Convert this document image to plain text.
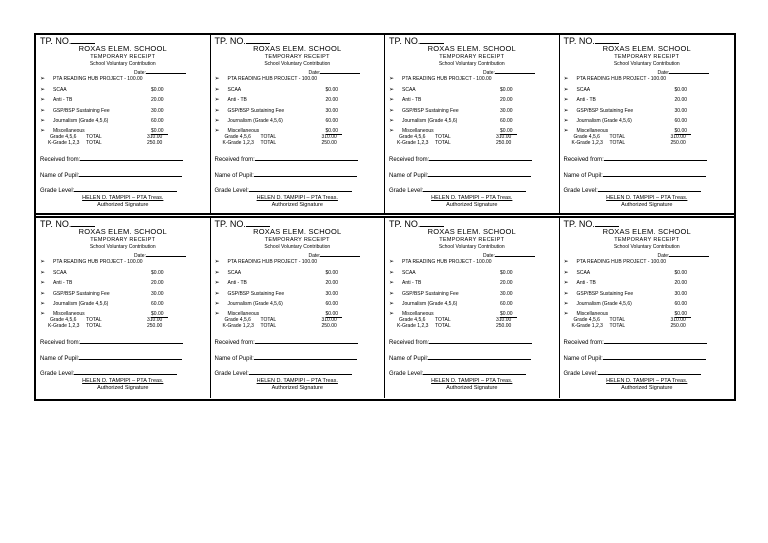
TP. NO.
ROXAS ELEM. SCHOOL
TEMPORARY RECEIPT
School Voluntary Contribution
Date:
➢ PTA READING HUB PROJECT - 100.00
➢ SCAA	$0.00
➢ Anti - TB	20.00
➢ GSP/BSP Sustaining Fee	30.00
➢ Journalism (Grade 4,5,6)	60.00
➢ Miscellaneous	$0.00
Grade 4,5,6 TOTAL	310.00
K-Grade 1,2,3 TOTAL	250.00
Received from:
Name of Pupil:
Grade Level:
HELEN D. TAMPIPI – PTA Treas.
Authorized Signature
TP. NO.
ROXAS ELEM. SCHOOL
TEMPORARY RECEIPT
School Voluntary Contribution
Date:
➢ PTA READING HUB PROJECT - 100.00
➢ SCAA	$0.00
➢ Anti - TB	20.00
➢ GSP/BSP Sustaining Fee	30.00
➢ Journalism (Grade 4,5,6)	60.00
➢ Miscellaneous	$0.00
Grade 4,5,6 TOTAL	310.00
K-Grade 1,2,3 TOTAL	250.00
Received from:
Name of Pupil:
Grade Level:
HELEN D. TAMPIPI – PTA Treas.
Authorized Signature
TP. NO.
ROXAS ELEM. SCHOOL
TEMPORARY RECEIPT
School Voluntary Contribution
Date:
➢ PTA READING HUB PROJECT - 100.00
➢ SCAA	$0.00
➢ Anti - TB	20.00
➢ GSP/BSP Sustaining Fee	30.00
➢ Journalism (Grade 4,5,6)	60.00
➢ Miscellaneous	$0.00
Grade 4,5,6 TOTAL	310.00
K-Grade 1,2,3 TOTAL	250.00
Received from:
Name of Pupil:
Grade Level:
HELEN D. TAMPIPI – PTA Treas.
Authorized Signature
TP. NO.
ROXAS ELEM. SCHOOL
TEMPORARY RECEIPT
School Voluntary Contribution
Date:
➢ PTA READING HUB PROJECT - 100.00
➢ SCAA	$0.00
➢ Anti - TB	20.00
➢ GSP/BSP Sustaining Fee	30.00
➢ Journalism (Grade 4,5,6)	60.00
➢ Miscellaneous	$0.00
Grade 4,5,6 TOTAL	310.00
K-Grade 1,2,3 TOTAL	250.00
Received from:
Name of Pupil:
Grade Level:
HELEN D. TAMPIPI – PTA Treas.
Authorized Signature
TP. NO.
ROXAS ELEM. SCHOOL
TEMPORARY RECEIPT
School Voluntary Contribution
Date:
➢ PTA READING HUB PROJECT - 100.00
➢ SCAA	$0.00
➢ Anti - TB	20.00
➢ GSP/BSP Sustaining Fee	30.00
➢ Journalism (Grade 4,5,6)	60.00
➢ Miscellaneous	$0.00
Grade 4,5,6 TOTAL	310.00
K-Grade 1,2,3 TOTAL	250.00
Received from:
Name of Pupil:
Grade Level:
HELEN D. TAMPIPI – PTA Treas.
Authorized Signature
TP. NO.
ROXAS ELEM. SCHOOL
TEMPORARY RECEIPT
School Voluntary Contribution
Date:
➢ PTA READING HUB PROJECT - 100.00
➢ SCAA	$0.00
➢ Anti - TB	20.00
➢ GSP/BSP Sustaining Fee	30.00
➢ Journalism (Grade 4,5,6)	60.00
➢ Miscellaneous	$0.00
Grade 4,5,6 TOTAL	310.00
K-Grade 1,2,3 TOTAL	250.00
Received from:
Name of Pupil:
Grade Level:
HELEN D. TAMPIPI – PTA Treas.
Authorized Signature
TP. NO.
ROXAS ELEM. SCHOOL
TEMPORARY RECEIPT
School Voluntary Contribution
Date:
➢ PTA READING HUB PROJECT - 100.00
➢ SCAA	$0.00
➢ Anti - TB	20.00
➢ GSP/BSP Sustaining Fee	30.00
➢ Journalism (Grade 4,5,6)	60.00
➢ Miscellaneous	$0.00
Grade 4,5,6 TOTAL	310.00
K-Grade 1,2,3 TOTAL	250.00
Received from:
Name of Pupil:
Grade Level:
HELEN D. TAMPIPI – PTA Treas.
Authorized Signature
TP. NO.
ROXAS ELEM. SCHOOL
TEMPORARY RECEIPT
School Voluntary Contribution
Date:
➢ PTA READING HUB PROJECT - 100.00
➢ SCAA	$0.00
➢ Anti - TB	20.00
➢ GSP/BSP Sustaining Fee	30.00
➢ Journalism (Grade 4,5,6)	60.00
➢ Miscellaneous	$0.00
Grade 4,5,6 TOTAL	310.00
K-Grade 1,2,3 TOTAL	250.00
Received from:
Name of Pupil:
Grade Level:
HELEN D. TAMPIPI – PTA Treas.
Authorized Signature
